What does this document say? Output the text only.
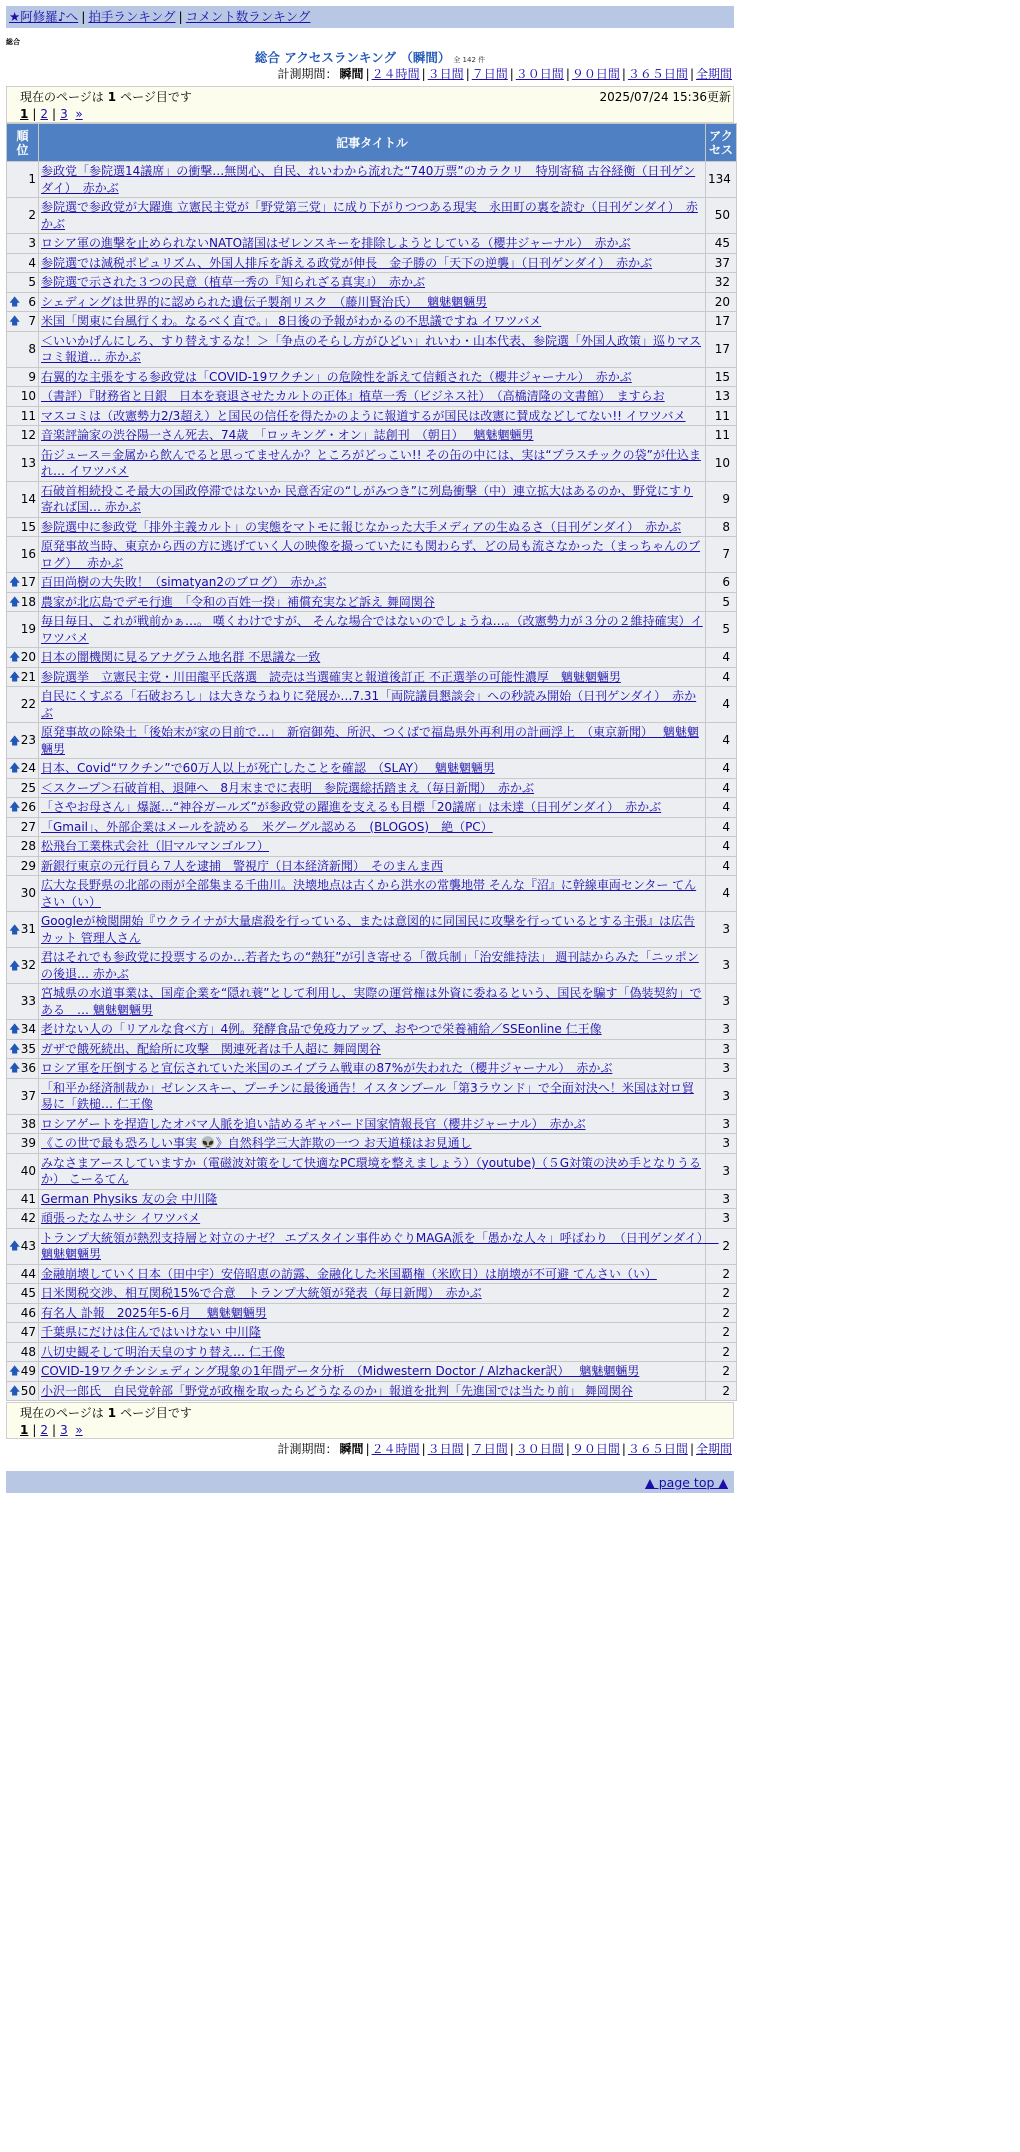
★阿修羅♪へ | 拍手ランキング | コメント数ランキング
総合
総合 アクセスランキング （瞬間） 全 142 件
計測期間： 瞬間 | ２４時間 | ３日間 | ７日間 | ３０日間 | ９０日間 | ３６５日間 | 全期間
現在のページは 1 ページ目です	2025/07/24 15:36更新
1 | 2 | 3 »
順位	記事タイトル	アクセス
1	参政党「参院選14議席」の衝撃…無関心、自民、れいわから流れた“740万票”のカラクリ　特別寄稿 古谷経衡（日刊ゲンダイ）　赤かぶ	134
2	参院選で参政党が大躍進 立憲民主党が「野党第三党」に成り下がりつつある現実　永田町の裏を読む（日刊ゲンダイ）　赤かぶ	50
3	ロシア軍の進撃を止められないNATO諸国はゼレンスキーを排除しようとしている（櫻井ジャーナル）　赤かぶ	45
4	参院選では減税ポピュリズム、外国人排斥を訴える政党が伸長　金子勝の「天下の逆襲」（日刊ゲンダイ）　赤かぶ	37
5	参院選で示された３つの民意（植草一秀の『知られざる真実』）　赤かぶ	32

🡅 6	シェディングは世界的に認められた遺伝子製剤リスク　（藤川賢治氏）　 魑魅魍魎男	20

🡅 7	米国「関東に台風行くわ。なるべく直で。」 8日後の予報がわかるの不思議ですね イワツバメ	17
8	＜いいかげんにしろ、すり替えするな！＞「争点のそらし方がひどい」れいわ・山本代表、参院選「外国人政策」巡りマスコミ報道… 赤かぶ	17
9	右翼的な主張をする参政党は「COVID-19ワクチン」の危険性を訴えて信頼された（櫻井ジャーナル）　赤かぶ	15
10	（書評）『財務省と日銀　日本を衰退させたカルトの正体』植草一秀（ビジネス社）　（高橋清隆の文書館）　ますらお	13
11	マスコミは（改憲勢力2/3超え）と国民の信任を得たかのように報道するが国民は改憲に賛成などしてない!! イワツバメ	11
12	音楽評論家の渋谷陽一さん死去、74歳　「ロッキング・オン」誌創刊　（朝日）　 魑魅魍魎男	11
13	缶ジュース＝金属から飲んでると思ってませんか？ところがどっこい!! その缶の中には、実は“プラスチックの袋”が仕込まれ… イワツバメ	10
14	石破首相続投こそ最大の国政停滞ではないか 民意否定の“しがみつき”に列島衝撃（中）連立拡大はあるのか、野党にすり寄れば国… 赤かぶ	9
15	参院選中に参政党「排外主義カルト」の実態をマトモに報じなかった大手メディアの生ぬるさ（日刊ゲンダイ）　赤かぶ	8
16	原発事故当時、東京から西の方に逃げていく人の映像を撮っていたにも関わらず、どの局も流さなかった（まっちゃんのブログ）　 赤かぶ	7

🡅 17	百田尚樹の大失敗！（simatyan2のブログ）　赤かぶ	6

🡅 18	農家が北広島でデモ行進　「令和の百姓一揆」補償充実など訴え 舞岡関谷	5
19	毎日毎日、これが戦前かぁ…。 嘆くわけですが、 そんな場合ではないのでしょうね…。（改憲勢力が３分の２維持確実）イワツバメ	5

🡅 20	日本の闇機関に見るアナグラム地名群 不思議な一致	4

🡅 21	参院選挙　立憲民主党・川田龍平氏落選　読売は当選確実と報道後訂正 不正選挙の可能性濃厚　魑魅魍魎男	4
22	自民にくすぶる「石破おろし」は大きなうねりに発展か…7.31「両院議員懇談会」への秒読み開始（日刊ゲンダイ）　赤かぶ	4

🡅 23	原発事故の除染土「後始末が家の目前で…」　新宿御苑、所沢、つくばで福島県外再利用の計画浮上　（東京新聞）　 魑魅魍魎男	4

🡅 24	日本、Covid“ワクチン”で60万人以上が死亡したことを確認　（SLAY）　 魑魅魍魎男	4
25	＜スクープ＞石破首相、退陣へ　8月末までに表明　参院選総括踏まえ（毎日新聞）　赤かぶ	4

🡅 26	「さやお母さん」爆誕…“神谷ガールズ”が参政党の躍進を支えるも目標「20議席」は未達（日刊ゲンダイ）　赤かぶ	4
27	「Gmail」、外部企業はメールを読める　米グーグル認める　(BLOGOS)　絶（PC）	4
28	松飛台工業株式会社（旧マルマンゴルフ）	4
29	新銀行東京の元行員ら７人を逮捕　警視庁（日本経済新聞）　そのまんま西	4
30	広大な長野県の北部の雨が全部集まる千曲川。決壊地点は古くから洪水の常襲地帯 そんな『沼』に幹線車両センター てんさい（い）	4

🡅 31	Googleが検閲開始『ウクライナが大量虐殺を行っている、または意図的に同国民に攻撃を行っているとする主張』は広告カット 管理人さん	3

🡅 32	君はそれでも参政党に投票するのか…若者たちの“熱狂”が引き寄せる「徴兵制」「治安維持法」 週刊誌からみた「ニッポンの後退… 赤かぶ	3
33	宮城県の水道事業は、国産企業を“隠れ蓑”として利用し、実際の運営権は外資に委ねるという、国民を騙す「偽装契約」である　… 魑魅魍魎男	3

🡅 34	老けない人の「リアルな食べ方」4例。発酵食品で免疫力アップ、おやつで栄養補給／SSEonline 仁王像	3

🡅 35	ガザで餓死続出、配給所に攻撃　関連死者は千人超に 舞岡関谷	3

🡅 36	ロシア軍を圧倒すると宣伝されていた米国のエイブラム戦車の87%が失われた（櫻井ジャーナル）　赤かぶ	3
37	「和平か経済制裁か」ゼレンスキー、プーチンに最後通告！イスタンブール「第3ラウンド」で全面対決へ！米国は対ロ貿易に「鉄槌… 仁王像	3
38	ロシアゲートを捏造したオバマ人脈を追い詰めるギャバード国家情報長官（櫻井ジャーナル）　赤かぶ	3
39	《この世で最も恐ろしい事実 👽》自然科学三大詐欺の一つ お天道様はお見通し	3
40	みなさまアースしていますか（電磁波対策をして快適なPC環境を整えましょう）（youtube)（５G対策の決め手となりうるか） こーるてん	3
41	German Physiks 友の会 中川隆	3
42	頑張ったなムサシ イワツバメ	3

🡅 43	トランプ大統領が熱烈支持層と対立のナゼ？ エプスタイン事件めぐりMAGA派を「愚かな人々」呼ばわり　（日刊ゲンダイ）　 魑魅魍魎男	2
44	金融崩壊していく日本（田中宇）安倍昭恵の訪露、金融化した米国覇権（米欧日）は崩壊が不可避 てんさい（い）	2
45	日米関税交渉、相互関税15%で合意　トランプ大統領が発表（毎日新聞）　赤かぶ	2
46	有名人 訃報　2025年5-6月　 魑魅魍魎男	2
47	千葉県にだけは住んではいけない 中川隆	2
48	八切史観そして明治天皇のすり替え… 仁王像	2

🡅 49	COVID-19ワクチンシェディング現象の1年間データ分析　（Midwestern Doctor / Alzhacker訳）　 魑魅魍魎男	2

🡅 50	小沢一郎氏　自民党幹部「野党が政権を取ったらどうなるのか」報道を批判「先進国では当たり前」 舞岡関谷	2
現在のページは 1 ページ目です
1 | 2 | 3 »
計測期間： 瞬間 | ２４時間 | ３日間 | ７日間 | ３０日間 | ９０日間 | ３６５日間 | 全期間
▲ page top ▲
